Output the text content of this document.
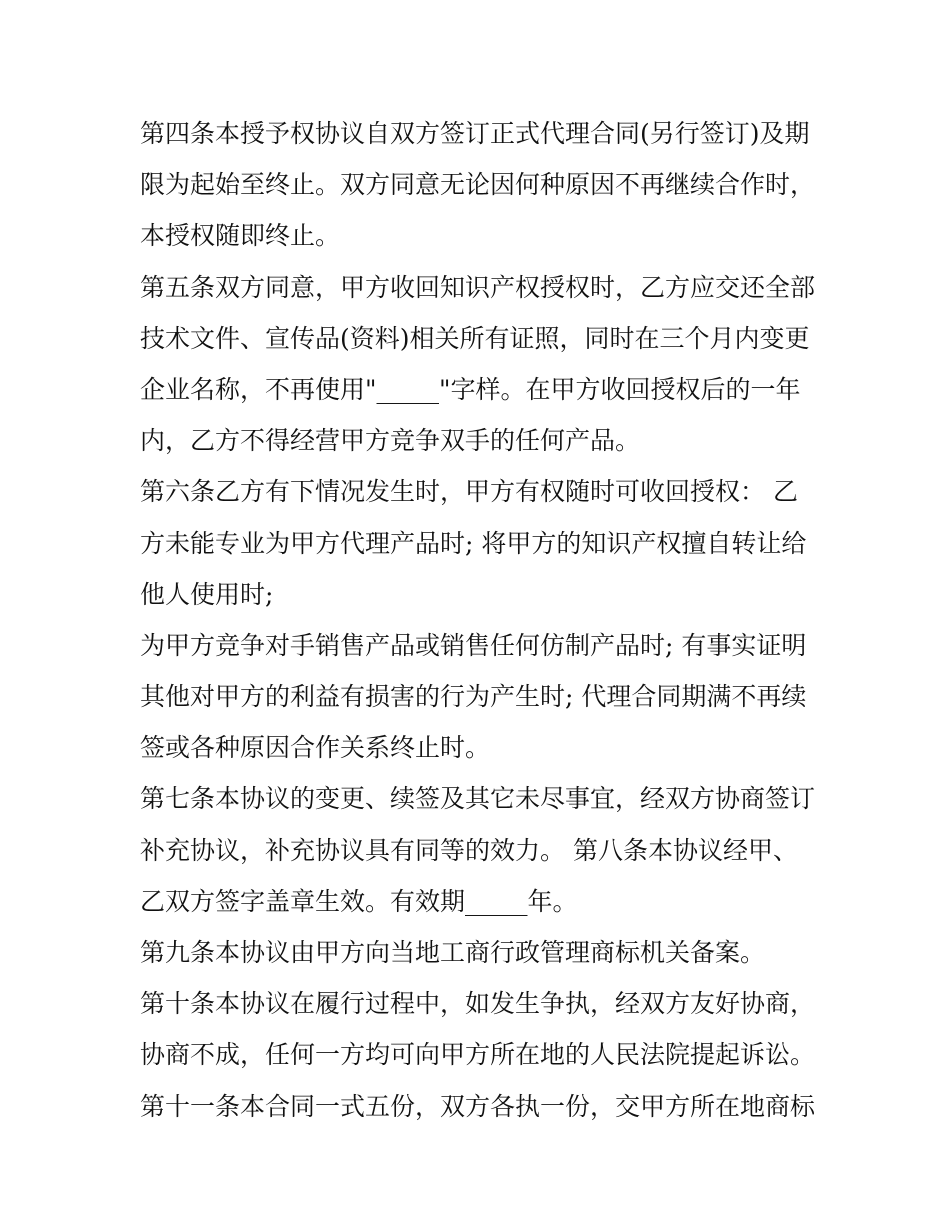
第四条本授予权协议自双方签订正式代理合同(另行签订)及期
限为起始至终止。双方同意无论因何种原因不再继续合作时，
本授权随即终止。
第五条双方同意，甲方收回知识产权授权时，乙方应交还全部
技术文件、宣传品(资料)相关所有证照，同时在三个月内变更
企业名称，不再使用"_____"字样。在甲方收回授权后的一年
内，乙方不得经营甲方竞争双手的任何产品。
第六条乙方有下情况发生时，甲方有权随时可收回授权： 乙
方未能专业为甲方代理产品时; 将甲方的知识产权擅自转让给
他人使用时;
为甲方竞争对手销售产品或销售任何仿制产品时; 有事实证明
其他对甲方的利益有损害的行为产生时; 代理合同期满不再续
签或各种原因合作关系终止时。
第七条本协议的变更、续签及其它未尽事宜，经双方协商签订
补充协议，补充协议具有同等的效力。 第八条本协议经甲、
乙双方签字盖章生效。有效期_____年。
第九条本协议由甲方向当地工商行政管理商标机关备案。
第十条本协议在履行过程中，如发生争执，经双方友好协商，
协商不成，任何一方均可向甲方所在地的人民法院提起诉讼。
第十一条本合同一式五份，双方各执一份，交甲方所在地商标
